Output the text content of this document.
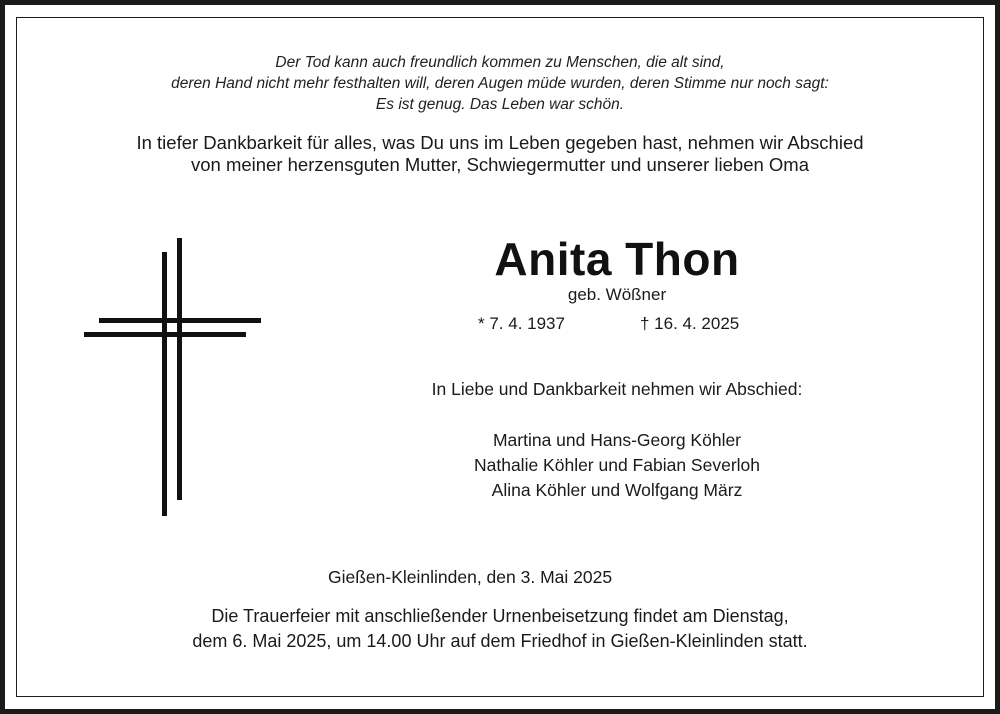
Der Tod kann auch freundlich kommen zu Menschen, die alt sind,
deren Hand nicht mehr festhalten will, deren Augen müde wurden, deren Stimme nur noch sagt:
Es ist genug. Das Leben war schön.
In tiefer Dankbarkeit für alles, was Du uns im Leben gegeben hast, nehmen wir Abschied
von meiner herzensguten Mutter, Schwiegermutter und unserer lieben Oma
Anita Thon
geb. Wößner
* 7. 4. 1937	† 16. 4. 2025
In Liebe und Dankbarkeit nehmen wir Abschied:
Martina und Hans-Georg Köhler
Nathalie Köhler und Fabian Severloh
Alina Köhler und Wolfgang März
Gießen-Kleinlinden, den 3. Mai 2025
Die Trauerfeier mit anschließender Urnenbeisetzung findet am Dienstag,
dem 6. Mai 2025, um 14.00 Uhr auf dem Friedhof in Gießen-Kleinlinden statt.
